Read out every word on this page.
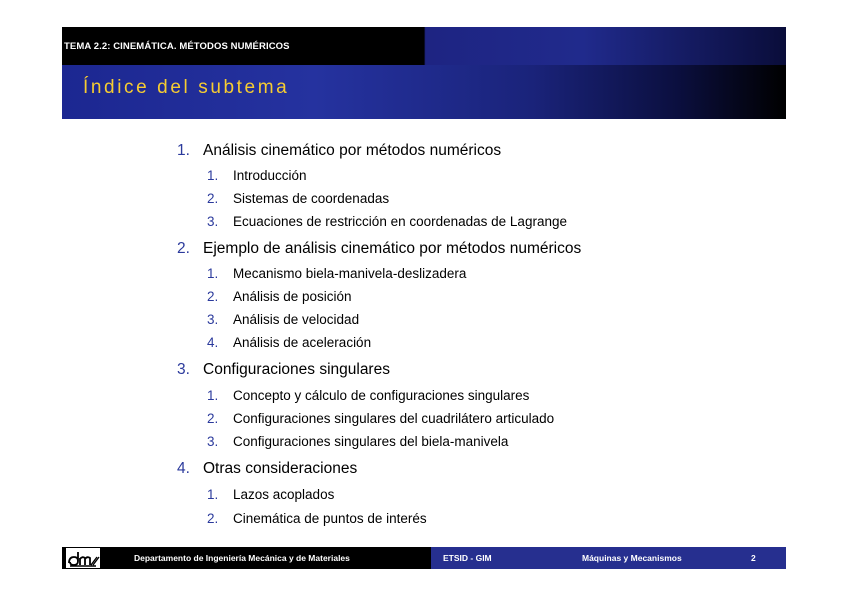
TEMA 2.2: CINEMÁTICA. MÉTODOS NUMÉRICOS
Índice del subtema
1. Análisis cinemático por métodos numéricos
1. Introducción
2. Sistemas de coordenadas
3. Ecuaciones de restricción en coordenadas de Lagrange
2. Ejemplo de análisis cinemático por métodos numéricos
1. Mecanismo biela-manivela-deslizadera
2. Análisis de posición
3. Análisis de velocidad
4. Análisis de aceleración
3. Configuraciones singulares
1. Concepto y cálculo de configuraciones singulares
2. Configuraciones singulares del cuadrilátero articulado
3. Configuraciones singulares del biela-manivela
4. Otras consideraciones
1. Lazos acoplados
2. Cinemática de puntos de interés
Departamento de Ingeniería Mecánica y de Materiales	ETSID - GIM	Máquinas y Mecanismos	2
